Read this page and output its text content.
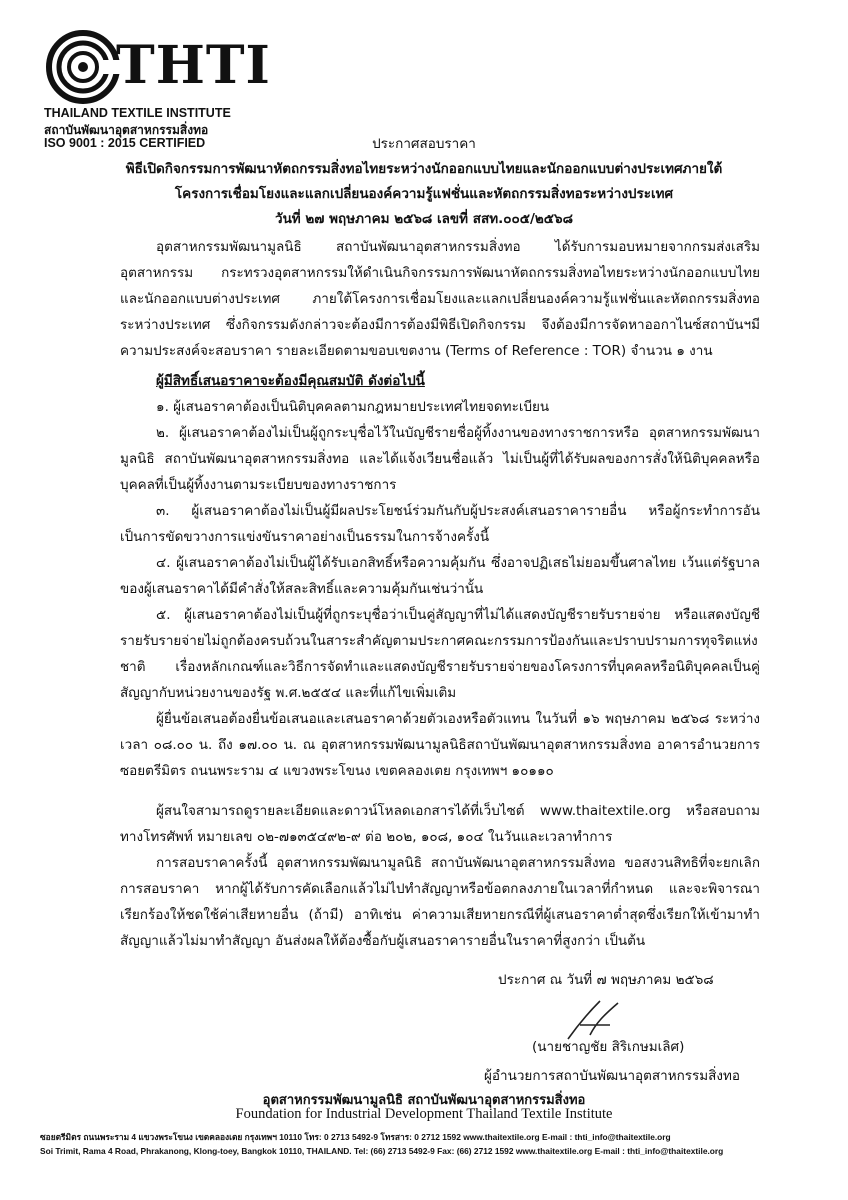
THTI
THAILAND TEXTILE INSTITUTE
สถาบันพัฒนาอุตสาหกรรมสิ่งทอ
ISO 9001 : 2015 CERTIFIED	ประกาศสอบราคา
พิธีเปิดกิจกรรมการพัฒนาหัตถกรรมสิ่งทอไทยระหว่างนักออกแบบไทยและนักออกแบบต่างประเทศภายใต้
โครงการเชื่อมโยงและแลกเปลี่ยนองค์ความรู้แฟชั่นและหัตถกรรมสิ่งทอระหว่างประเทศ
วันที่ ๒๗ พฤษภาคม ๒๕๖๘ เลขที่ สสท.๐๐๕/๒๕๖๘

อุตสาหกรรมพัฒนามูลนิธิ สถาบันพัฒนาอุตสาหกรรมสิ่งทอ ได้รับการมอบหมายจากกรมส่งเสริมอุตสาหกรรม กระทรวงอุตสาหกรรมให้ดำเนินกิจกรรมการพัฒนาหัตถกรรมสิ่งทอไทยระหว่างนักออกแบบไทยและนักออกแบบต่างประเทศ ภายใต้โครงการเชื่อมโยงและแลกเปลี่ยนองค์ความรู้แฟชั่นและหัตถกรรมสิ่งทอระหว่างประเทศ ซึ่งกิจกรรมดังกล่าวจะต้องมีการต้องมีพิธีเปิดกิจกรรม จึงต้องมีการจัดหาออกาไนซ์สถาบันฯมีความประสงค์จะสอบราคา รายละเอียดตามขอบเขตงาน (Terms of Reference : TOR) จำนวน ๑ งาน

ผู้มีสิทธิ์เสนอราคาจะต้องมีคุณสมบัติ ดังต่อไปนี้

๑. ผู้เสนอราคาต้องเป็นนิติบุคคลตามกฎหมายประเทศไทยจดทะเบียน

๒. ผู้เสนอราคาต้องไม่เป็นผู้ถูกระบุชื่อไว้ในบัญชีรายชื่อผู้ทิ้งงานของทางราชการหรือ อุตสาหกรรมพัฒนามูลนิธิ สถาบันพัฒนาอุตสาหกรรมสิ่งทอ และได้แจ้งเวียนชื่อแล้ว ไม่เป็นผู้ที่ได้รับผลของการสั่งให้นิติบุคคลหรือบุคคลที่เป็นผู้ทิ้งงานตามระเบียบของทางราชการ

๓. ผู้เสนอราคาต้องไม่เป็นผู้มีผลประโยชน์ร่วมกันกับผู้ประสงค์เสนอราคารายอื่น หรือผู้กระทำการอันเป็นการขัดขวางการแข่งขันราคาอย่างเป็นธรรมในการจ้างครั้งนี้

๔. ผู้เสนอราคาต้องไม่เป็นผู้ได้รับเอกสิทธิ์หรือความคุ้มกัน ซึ่งอาจปฏิเสธไม่ยอมขึ้นศาลไทย เว้นแต่รัฐบาลของผู้เสนอราคาได้มีคำสั่งให้สละสิทธิ์และความคุ้มกันเช่นว่านั้น

๕. ผู้เสนอราคาต้องไม่เป็นผู้ที่ถูกระบุชื่อว่าเป็นคู่สัญญาที่ไม่ได้แสดงบัญชีรายรับรายจ่าย หรือแสดงบัญชี รายรับรายจ่ายไม่ถูกต้องครบถ้วนในสาระสำคัญตามประกาศคณะกรรมการป้องกันและปราบปรามการทุจริตแห่งชาติ เรื่องหลักเกณฑ์และวิธีการจัดทำและแสดงบัญชีรายรับรายจ่ายของโครงการที่บุคคลหรือนิติบุคคลเป็นคู่สัญญากับหน่วยงานของรัฐ พ.ศ.๒๕๕๔ และที่แก้ไขเพิ่มเติม

ผู้ยื่นข้อเสนอต้องยื่นข้อเสนอและเสนอราคาด้วยตัวเองหรือตัวแทน ในวันที่ ๑๖ พฤษภาคม ๒๕๖๘ ระหว่างเวลา ๐๘.๐๐ น. ถึง ๑๗.๐๐ น. ณ อุตสาหกรรมพัฒนามูลนิธิสถาบันพัฒนาอุตสาหกรรมสิ่งทอ อาคารอำนวยการ ซอยตรีมิตร ถนนพระราม ๔ แขวงพระโขนง เขตคลองเตย กรุงเทพฯ ๑๐๑๑๐

ผู้สนใจสามารถดูรายละเอียดและดาวน์โหลดเอกสารได้ที่เว็บไซต์ www.thaitextile.org หรือสอบถามทางโทรศัพท์ หมายเลข ๐๒-๗๑๓๕๔๙๒-๙ ต่อ ๒๐๒, ๑๐๘, ๑๐๔ ในวันและเวลาทำการ

การสอบราคาครั้งนี้ อุตสาหกรรมพัฒนามูลนิธิ สถาบันพัฒนาอุตสาหกรรมสิ่งทอ ขอสงวนสิทธิที่จะยกเลิกการสอบราคา หากผู้ได้รับการคัดเลือกแล้วไม่ไปทำสัญญาหรือข้อตกลงภายในเวลาที่กำหนด และจะพิจารณาเรียกร้องให้ชดใช้ค่าเสียหายอื่น (ถ้ามี) อาทิเช่น ค่าความเสียหายกรณีที่ผู้เสนอราคาต่ำสุดซึ่งเรียกให้เข้ามาทำสัญญาแล้วไม่มาทำสัญญา อันส่งผลให้ต้องซื้อกับผู้เสนอราคารายอื่นในราคาที่สูงกว่า เป็นต้น

ประกาศ ณ วันที่ ๗ พฤษภาคม ๒๕๖๘
(นายชาญชัย สิริเกษมเลิศ)
ผู้อำนวยการสถาบันพัฒนาอุตสาหกรรมสิ่งทอ
อุตสาหกรรมพัฒนามูลนิธิ สถาบันพัฒนาอุตสาหกรรมสิ่งทอ
Foundation for Industrial Development Thailand Textile Institute
ซอยตรีมิตร ถนนพระราม 4 แขวงพระโขนง เขตคลองเตย กรุงเทพฯ 10110 โทร: 0 2713 5492-9 โทรสาร: 0 2712 1592 www.thaitextile.org E-mail : thti_info@thaitextile.org
Soi Trimit, Rama 4 Road, Phrakanong, Klong-toey, Bangkok 10110, THAILAND. Tel: (66) 2713 5492-9 Fax: (66) 2712 1592 www.thaitextile.org E-mail : thti_info@thaitextile.org
